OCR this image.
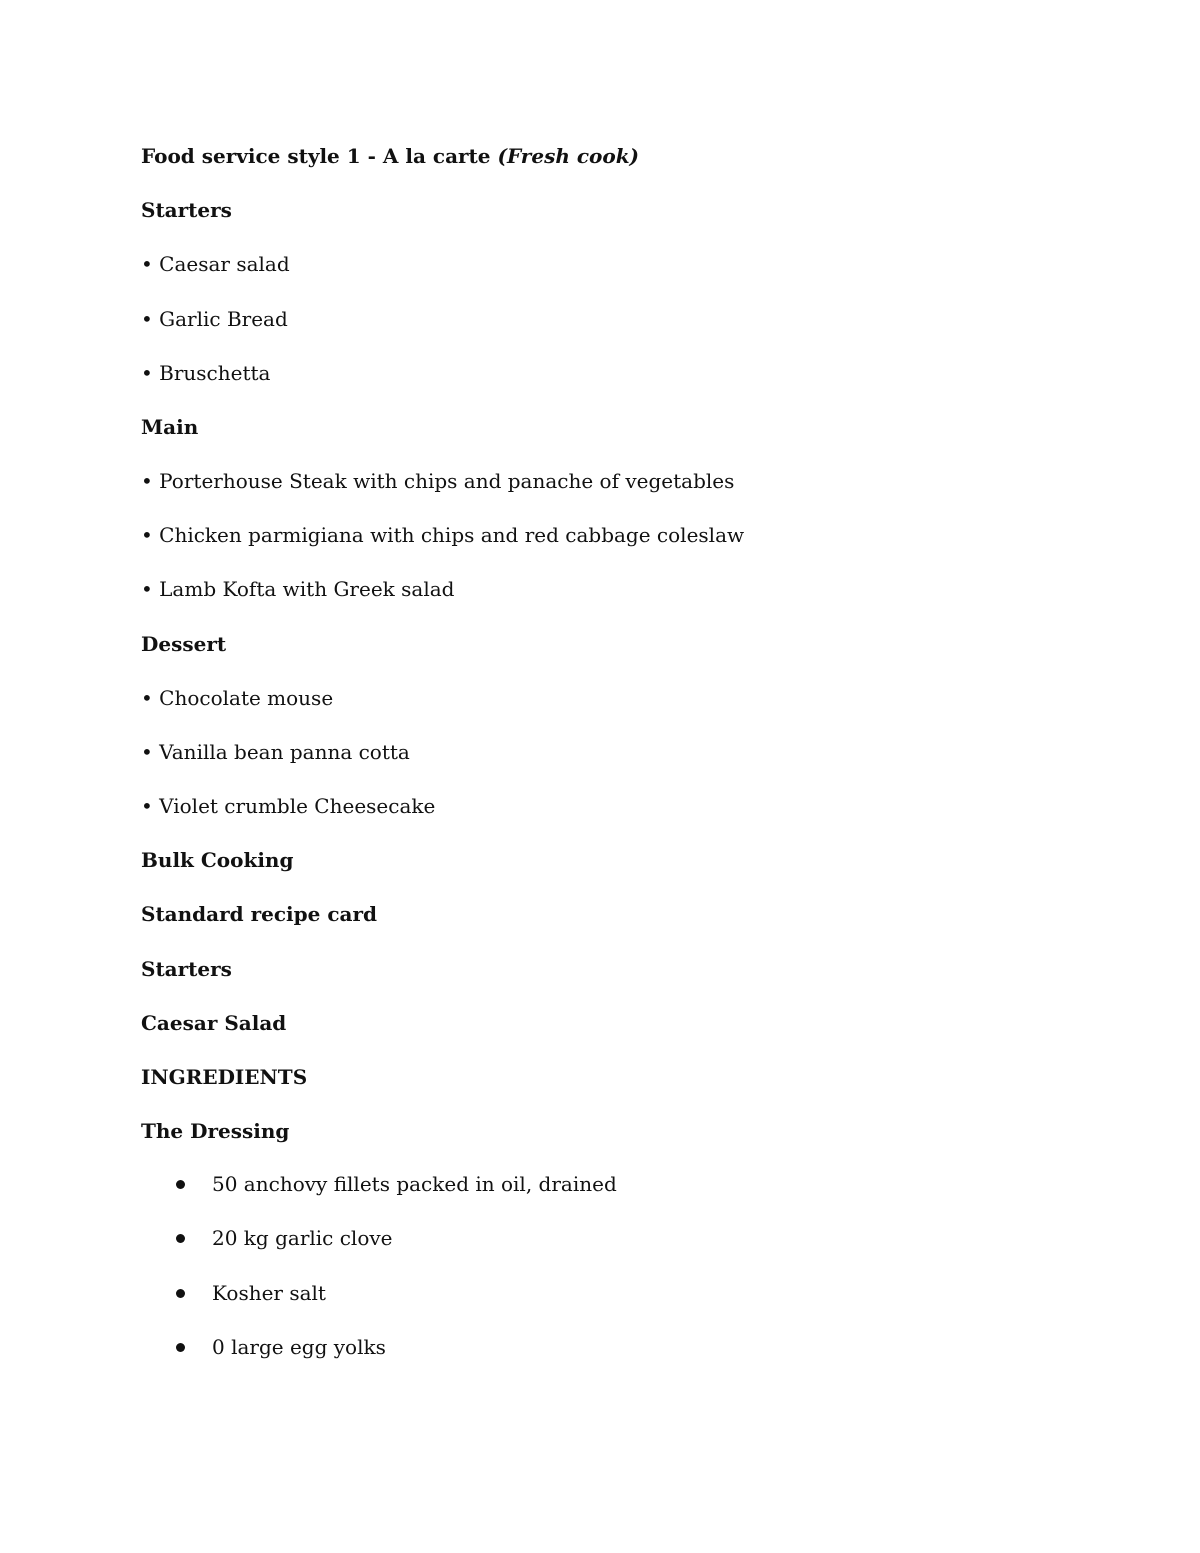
Food service style 1 - A la carte (Fresh cook)

Starters

• Caesar salad

• Garlic Bread

• Bruschetta

Main

• Porterhouse Steak with chips and panache of vegetables

• Chicken parmigiana with chips and red cabbage coleslaw

• Lamb Kofta with Greek salad

Dessert

• Chocolate mouse

• Vanilla bean panna cotta

• Violet crumble Cheesecake

Bulk Cooking

Standard recipe card

Starters

Caesar Salad

INGREDIENTS

The Dressing

50 anchovy fillets packed in oil, drained
20 kg garlic clove
Kosher salt
0 large egg yolks
